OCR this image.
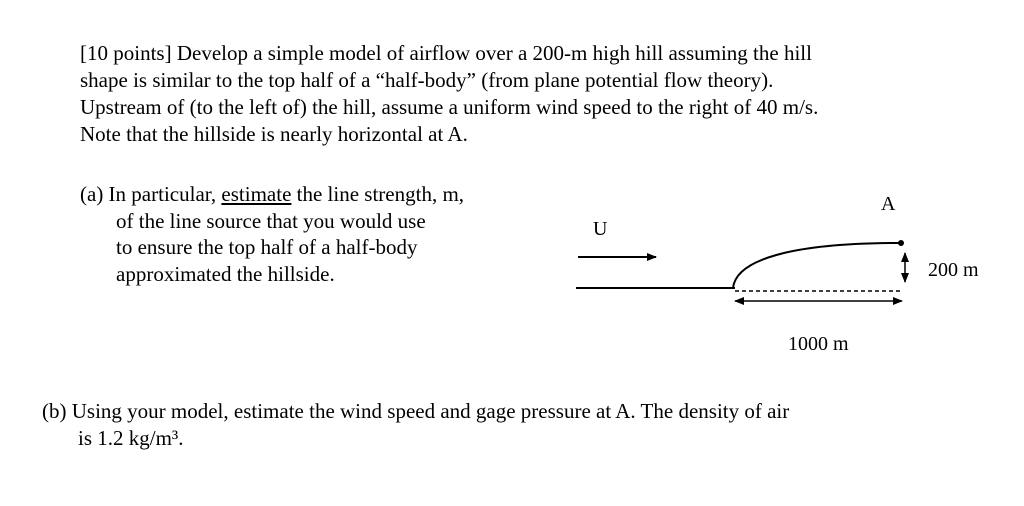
[10 points] Develop a simple model of airflow over a 200-m high hill assuming the hill
shape is similar to the top half of a “half-body” (from plane potential flow theory).
Upstream of (to the left of) the hill, assume a uniform wind speed to the right of 40 m/s.
Note that the hillside is nearly horizontal at A.
(a) In particular, estimate the line strength, m,
of the line source that you would use
to ensure the top half of a half-body
approximated the hillside.
U
A
200 m
1000 m
(b) Using your model, estimate the wind speed and gage pressure at A. The density of air
is 1.2 kg/m³.
